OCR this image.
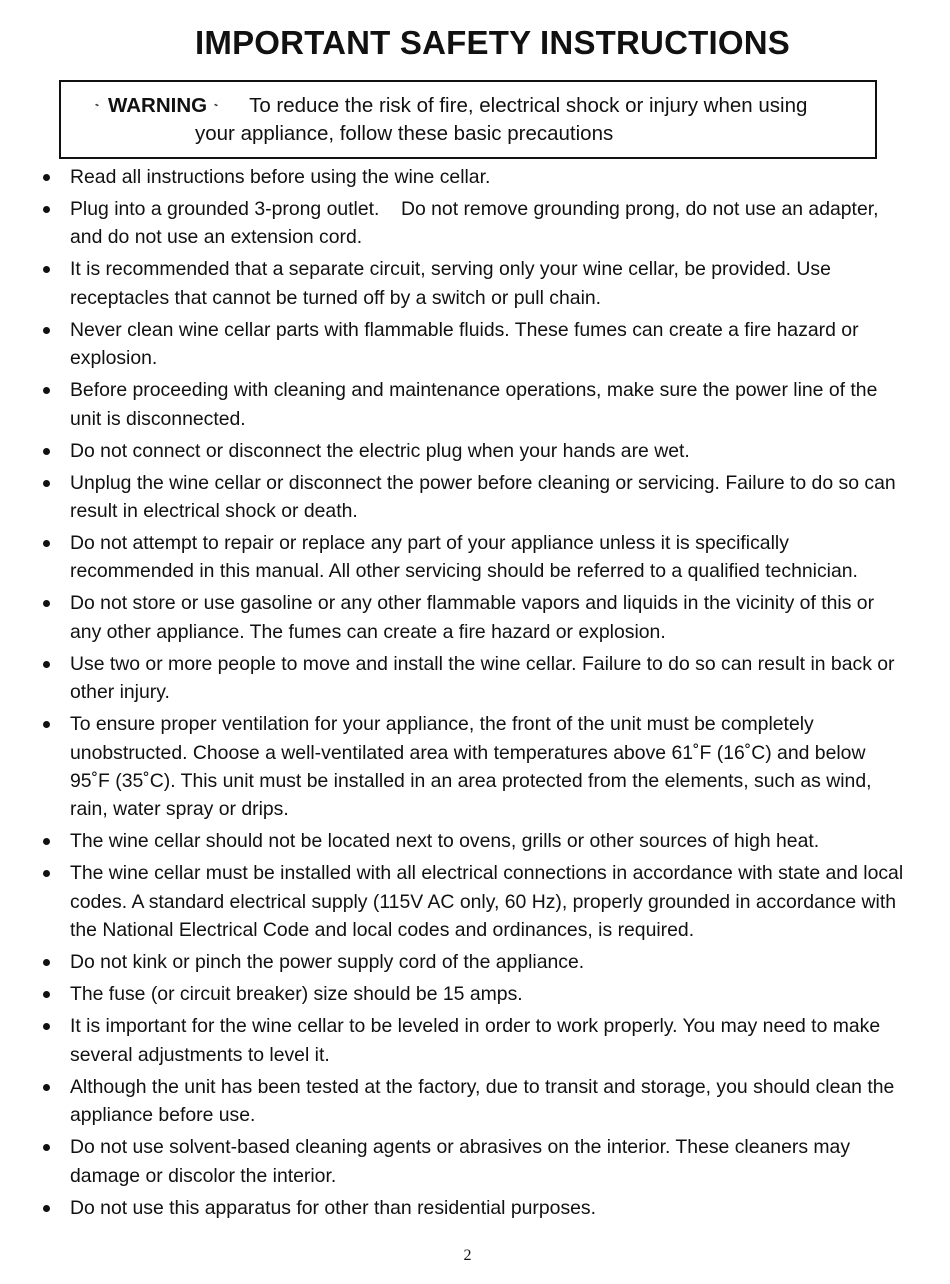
IMPORTANT SAFETY INSTRUCTIONS
WARNING To reduce the risk of fire, electrical shock or injury when using
your appliance, follow these basic precautions
Read all instructions before using the wine cellar.
Plug into a grounded 3-prong outlet.    Do not remove grounding prong, do not use an adapter, and do not use an extension cord.
It is recommended that a separate circuit, serving only your wine cellar, be provided. Use receptacles that cannot be turned off by a switch or pull chain.
Never clean wine cellar parts with flammable fluids. These fumes can create a fire hazard or explosion.
Before proceeding with cleaning and maintenance operations, make sure the power line of the unit is disconnected.
Do not connect or disconnect the electric plug when your hands are wet.
Unplug the wine cellar or disconnect the power before cleaning or servicing. Failure to do so can result in electrical shock or death.
Do not attempt to repair or replace any part of your appliance unless it is specifically recommended in this manual. All other servicing should be referred to a qualified technician.
Do not store or use gasoline or any other flammable vapors and liquids in the vicinity of this or any other appliance. The fumes can create a fire hazard or explosion.
Use two or more people to move and install the wine cellar. Failure to do so can result in back or other injury.
To ensure proper ventilation for your appliance, the front of the unit must be completely unobstructed. Choose a well-ventilated area with temperatures above 61˚F (16˚C) and below 95˚F (35˚C). This unit must be installed in an area protected from the elements, such as wind, rain, water spray or drips.
The wine cellar should not be located next to ovens, grills or other sources of high heat.
The wine cellar must be installed with all electrical connections in accordance with state and local codes. A standard electrical supply (115V AC only, 60 Hz), properly grounded in accordance with the National Electrical Code and local codes and ordinances, is required.
Do not kink or pinch the power supply cord of the appliance.
The fuse (or circuit breaker) size should be 15 amps.
It is important for the wine cellar to be leveled in order to work properly. You may need to make several adjustments to level it.
Although the unit has been tested at the factory, due to transit and storage, you should clean the appliance before use.
Do not use solvent-based cleaning agents or abrasives on the interior. These cleaners may damage or discolor the interior.
Do not use this apparatus for other than residential purposes.
2
